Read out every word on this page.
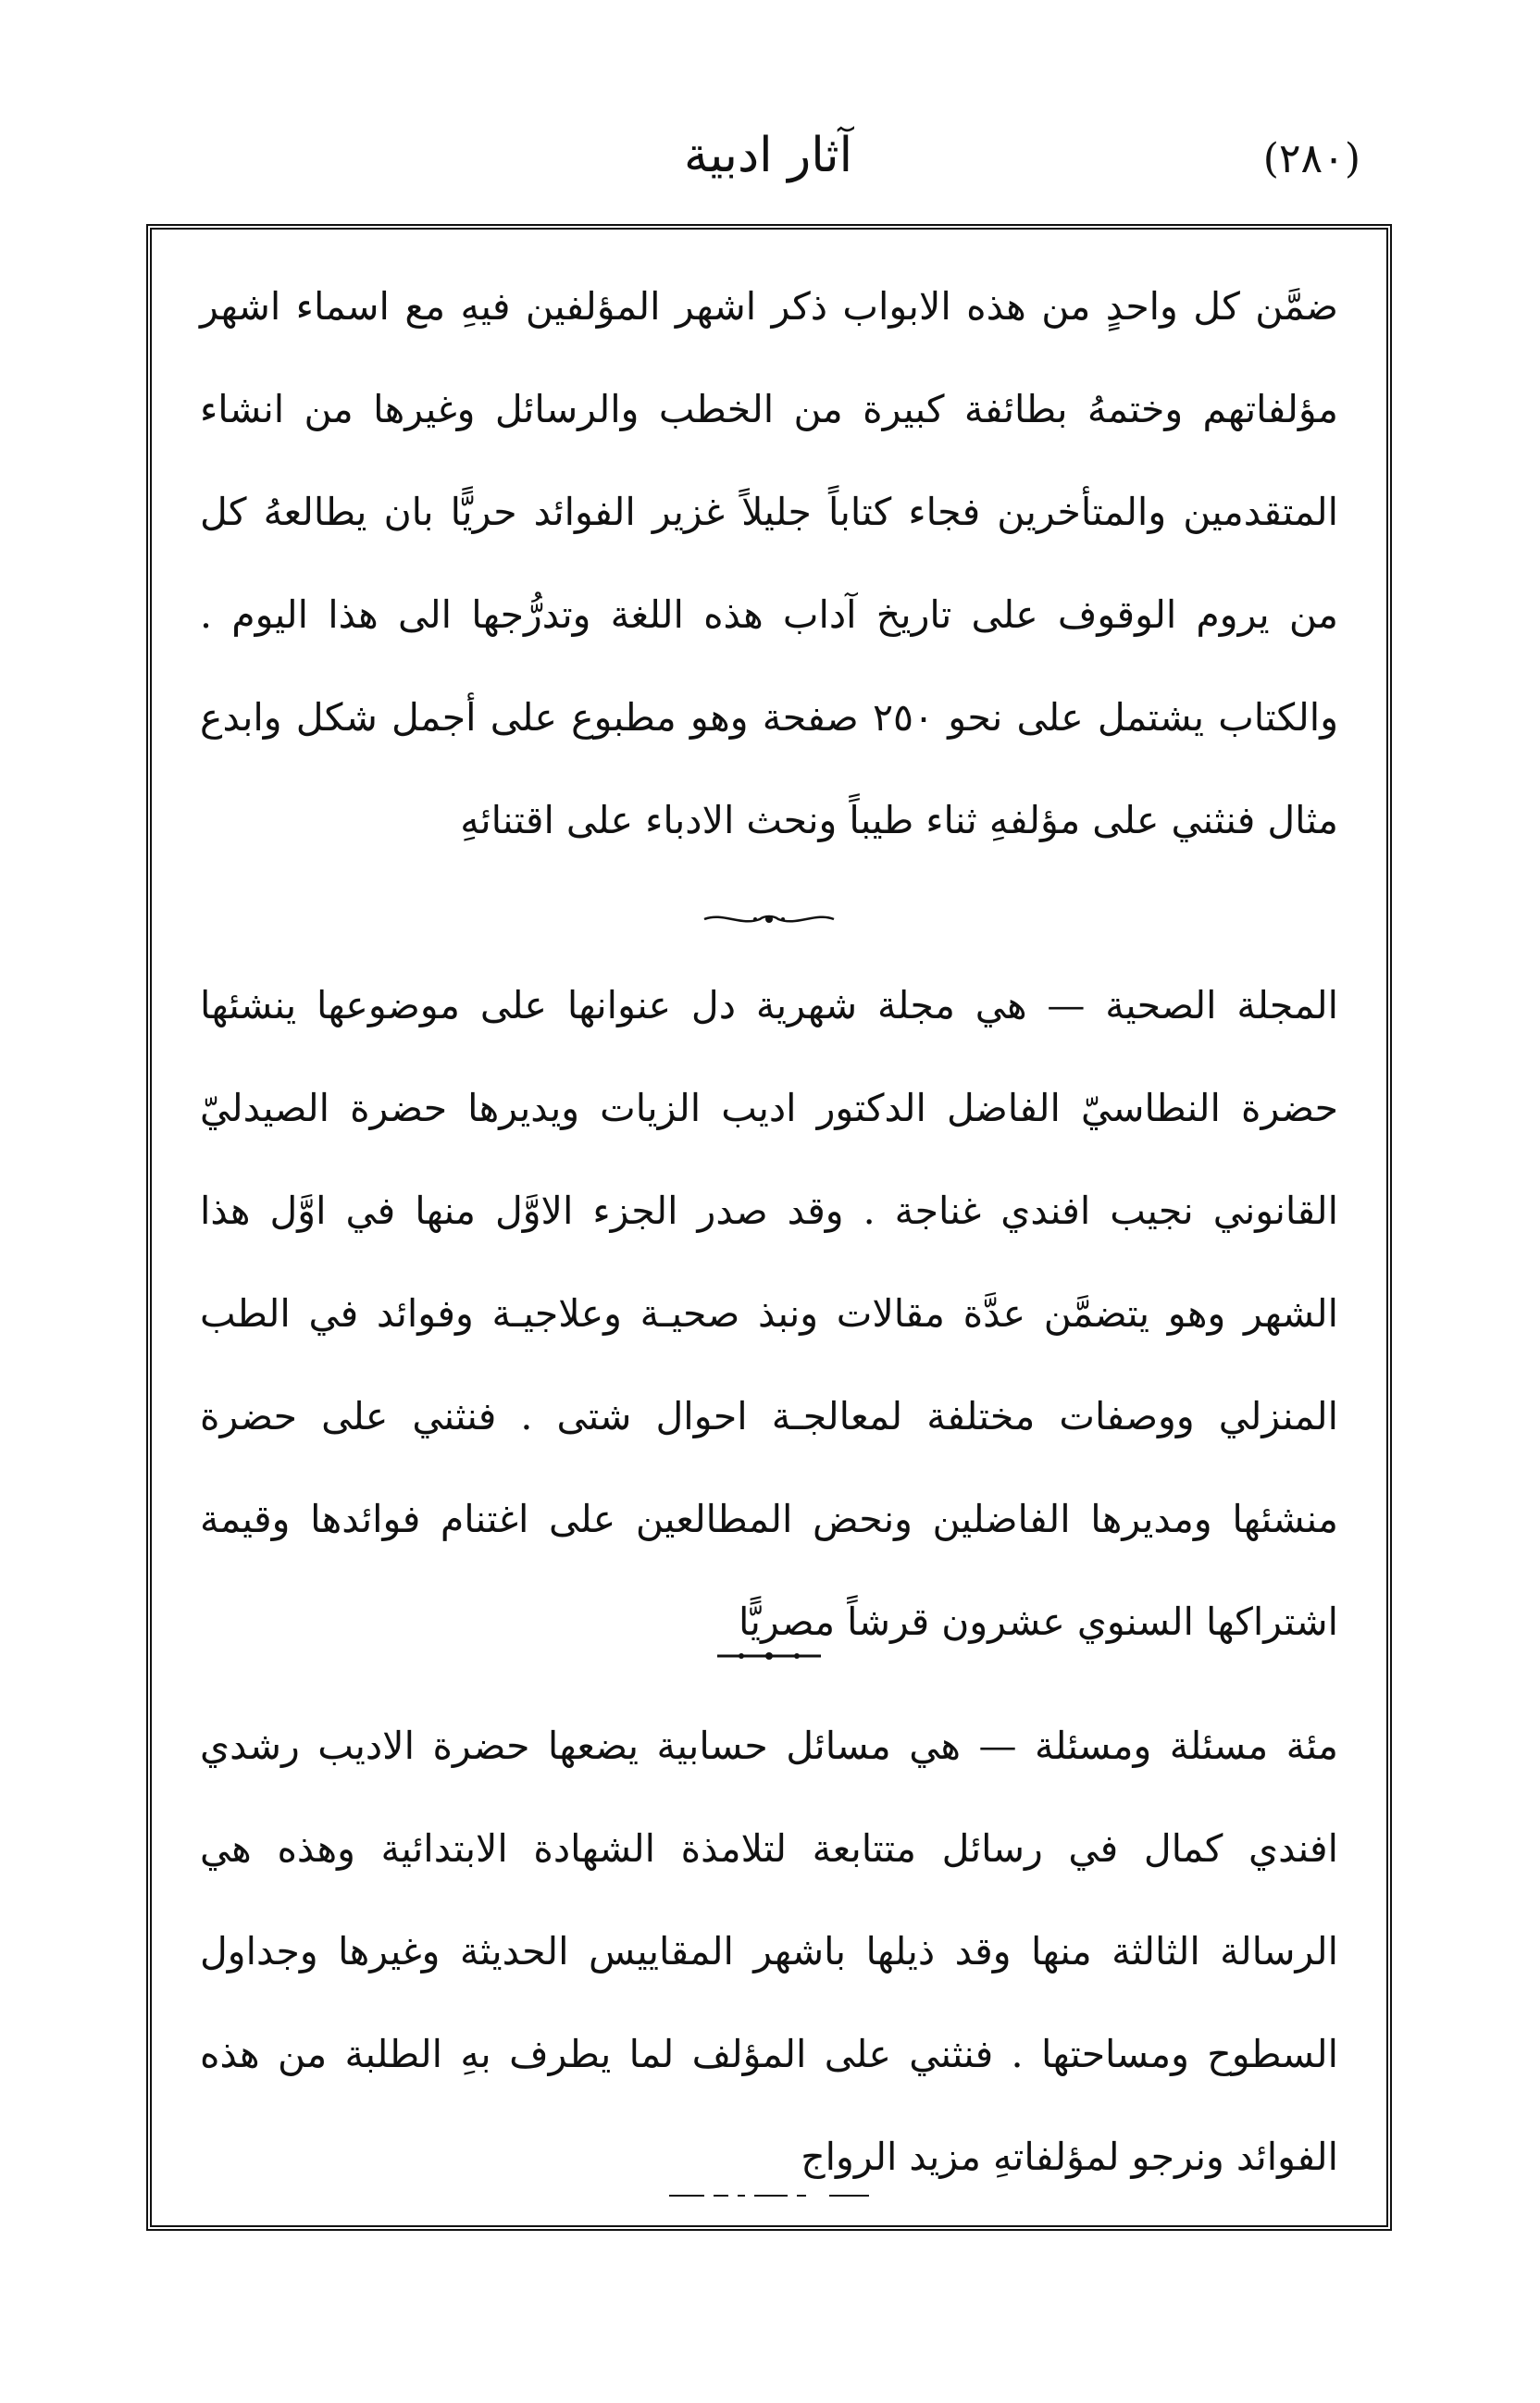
(٢٨٠)
آثار ادبية

ضمَّن كل واحدٍ من هذه الابواب ذكر اشهر المؤلفين فيهِ مع اسماء اشهر مؤلفاتهم وختمهُ بطائفة كبيرة من الخطب والرسائل وغيرها من انشاء المتقدمين والمتأخرين فجاء كتاباً جليلاً غزير الفوائد حريًّا بان يطالعهُ كل من يروم الوقوف على تاريخ آداب هذه اللغة وتدرُّجها الى هذا اليوم . والكتاب يشتمل على نحو ٢٥٠ صفحة وهو مطبوع على أجمل شكل وابدع مثال فنثني على مؤلفهِ ثناء طيباً ونحث الادباء على اقتنائهِ

المجلة الصحية — هي مجلة شهرية دل عنوانها على موضوعها ينشئها حضرة النطاسيّ الفاضل الدكتور اديب الزيات ويديرها حضرة الصيدليّ القانوني نجيب افندي غناجة . وقد صدر الجزء الاوَّل منها في اوَّل هذا الشهر وهو يتضمَّن عدَّة مقالات ونبذ صحيـة وعلاجيـة وفوائد في الطب المنزلي ووصفات مختلفة لمعالجـة احوال شتى . فنثني على حضرة منشئها ومديرها الفاضلين ونحض المطالعين على اغتنام فوائدها وقيمة اشتراكها السنوي عشرون قرشاً مصريًّا

مئة مسئلة ومسئلة — هي مسائل حسابية يضعها حضرة الاديب رشدي افندي كمال في رسائل متتابعة لتلامذة الشهادة الابتدائية وهذه هي الرسالة الثالثة منها وقد ذيلها باشهر المقاييس الحديثة وغيرها وجداول السطوح ومساحتها . فنثني على المؤلف لما يطرف بهِ الطلبة من هذه الفوائد ونرجو لمؤلفاتهِ مزيد الرواج
